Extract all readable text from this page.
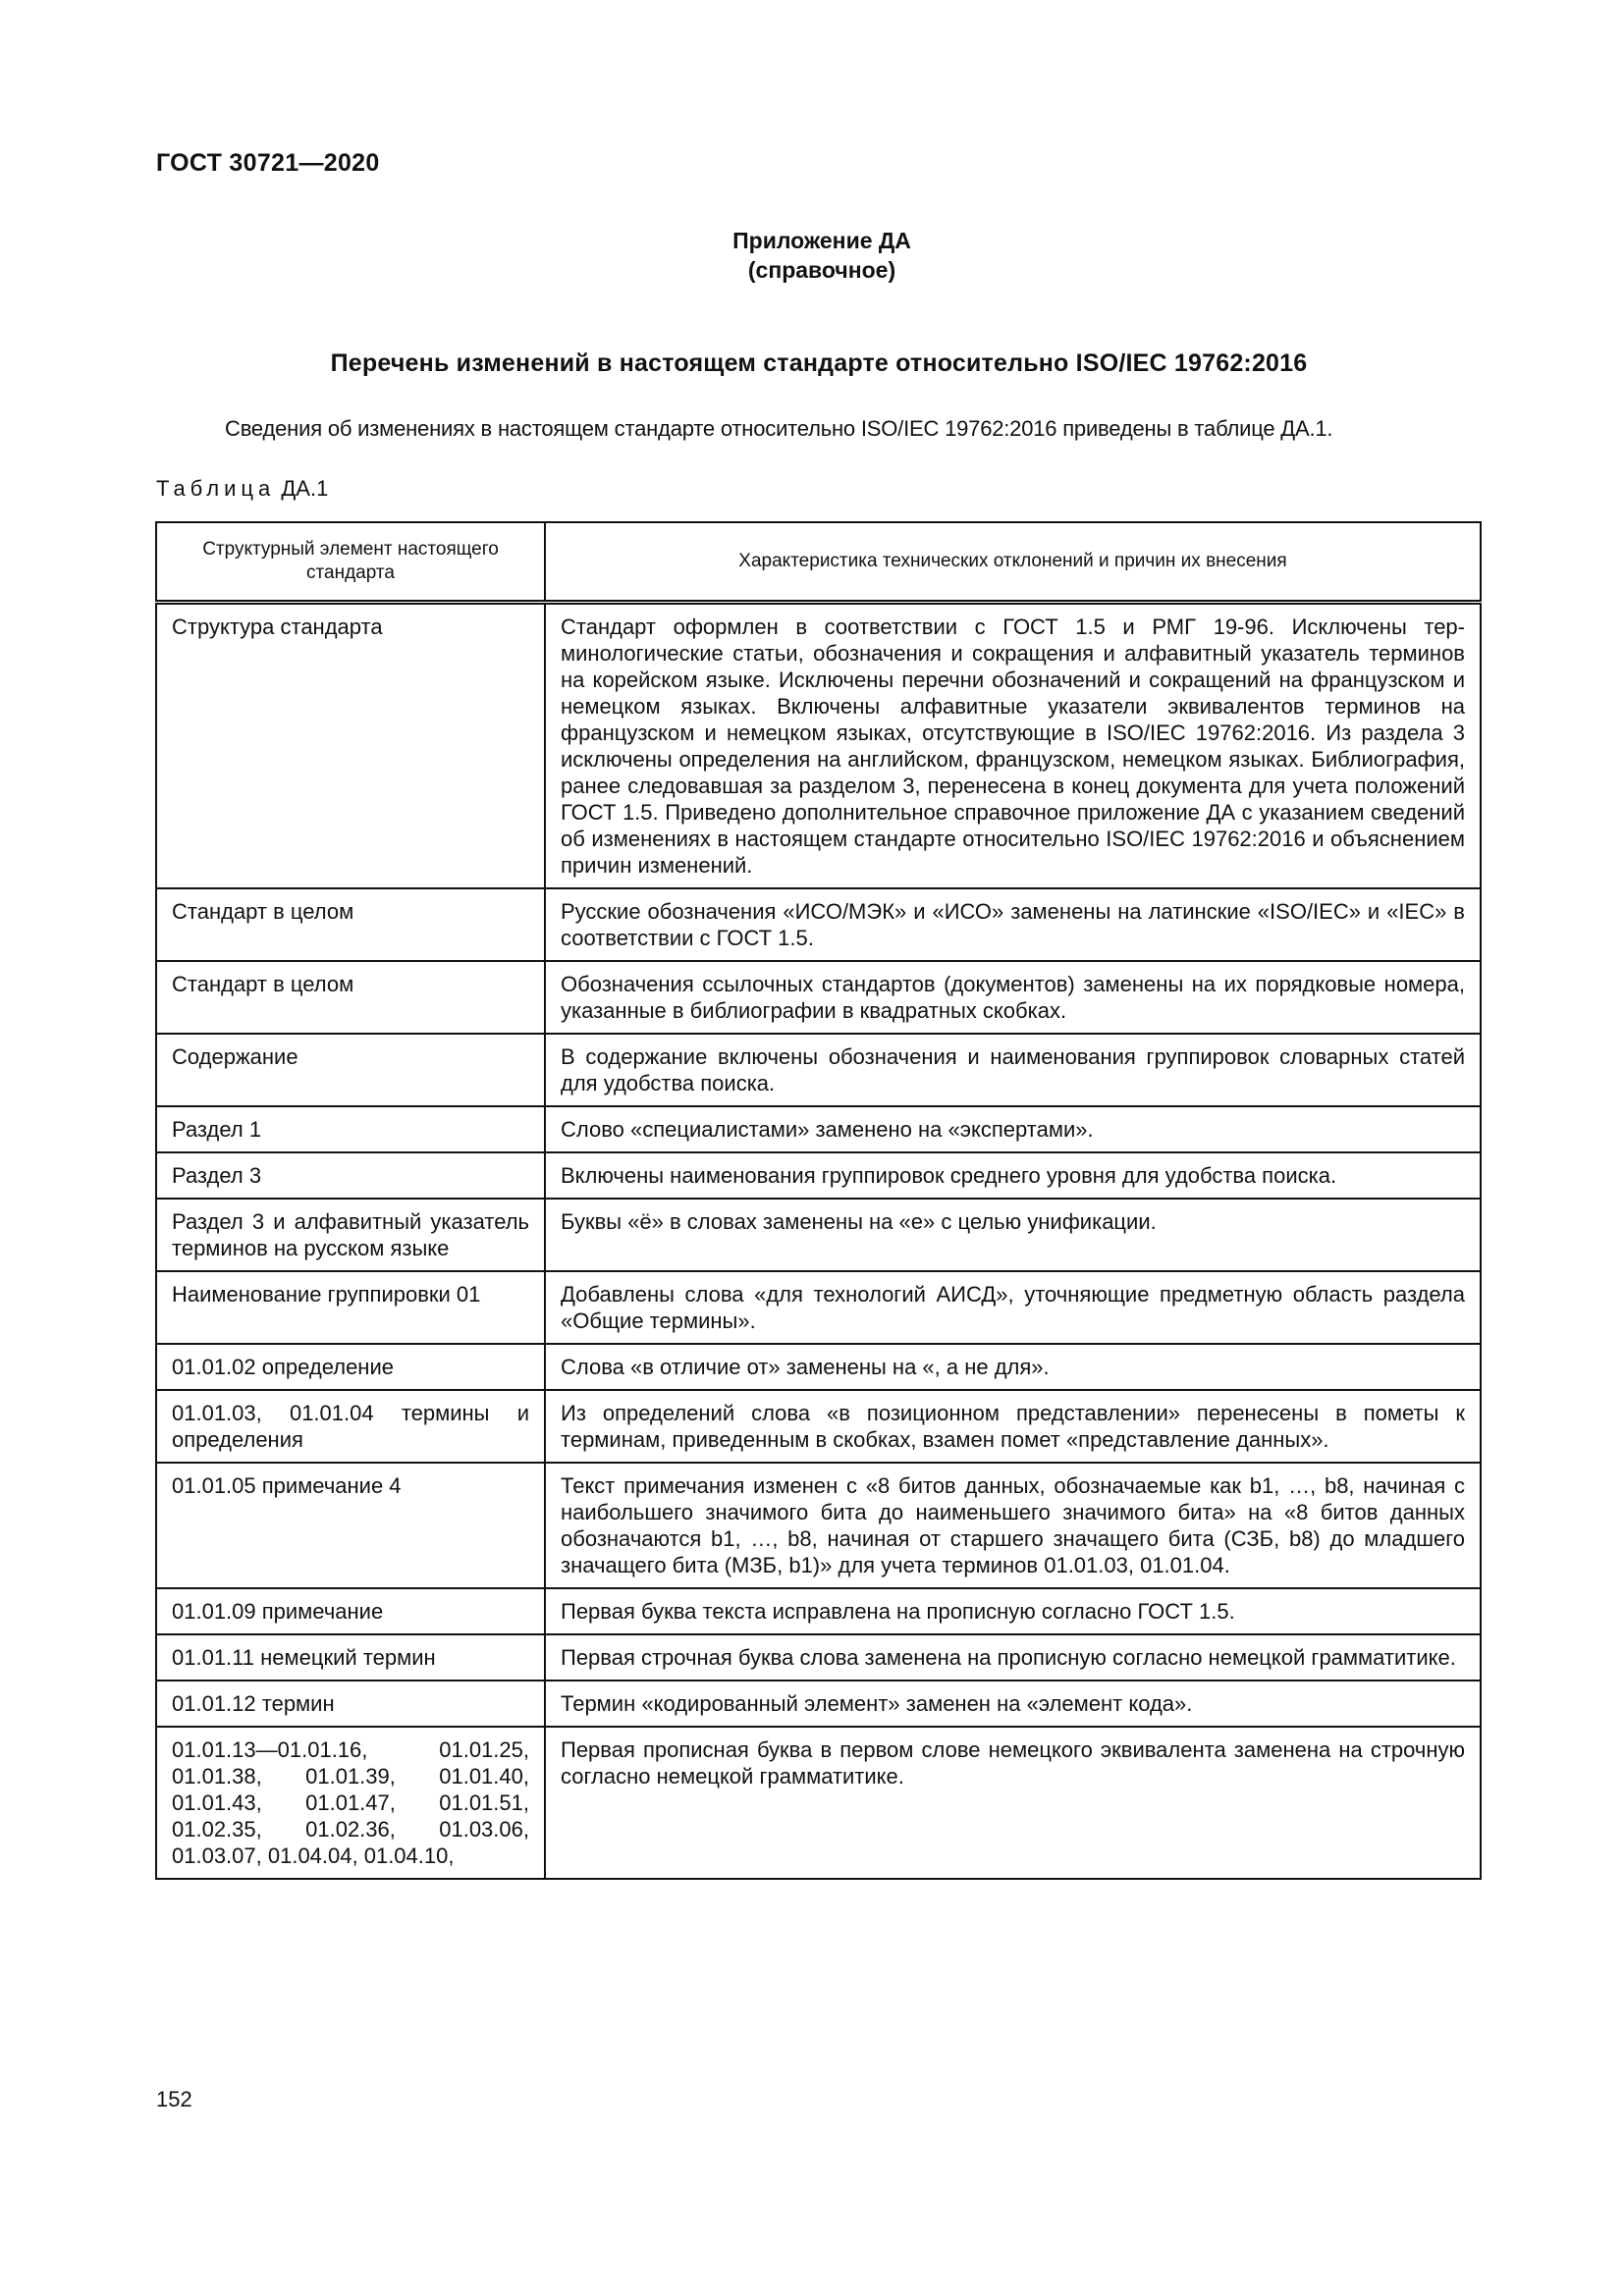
ГОСТ 30721—2020
Приложение ДА
(справочное)
Перечень изменений в настоящем стандарте относительно ISO/IEC 19762:2016
Сведения об изменениях в настоящем стандарте относительно ISO/IEC 19762:2016 приведены в таблице ДА.1.
Таблица ДА.1
Структурный элемент настоящего стандарта	Характеристика технических отклонений и причин их внесения
Структура стандарта	Стандарт оформлен в соответствии с ГОСТ 1.5 и РМГ 19-96. Исключены терминологические статьи, обозначения и сокращения и алфавитный указатель терминов на корейском языке. Исключены перечни обозначений и сокращений на французском и немецком языках. Включены алфавитные указатели эквивалентов терминов на французском и немецком языках, отсутствующие в ISO/IEC 19762:2016. Из раздела 3 исключены определения на английском, французском, немецком языках. Библиография, ранее следовавшая за разделом 3, перенесена в конец документа для учета положений ГОСТ 1.5. Приведено дополнительное справочное приложение ДА с указанием сведений об изменениях в настоящем стандарте относительно ISO/IEC 19762:2016 и объяснением причин изменений.
Стандарт в целом	Русские обозначения «ИСО/МЭК» и «ИСО» заменены на латинские «ISO/IEC» и «IEC» в соответствии с ГОСТ 1.5.
Стандарт в целом	Обозначения ссылочных стандартов (документов) заменены на их порядковые номера, указанные в библиографии в квадратных скобках.
Содержание	В содержание включены обозначения и наименования группировок словарных статей для удобства поиска.
Раздел 1	Слово «специалистами» заменено на «экспертами».
Раздел 3	Включены наименования группировок среднего уровня для удобства поиска.
Раздел 3 и алфавитный указатель терминов на русском языке	Буквы «ё» в словах заменены на «е» с целью унификации.
Наименование группировки 01	Добавлены слова «для технологий АИСД», уточняющие предметную область раздела «Общие термины».
01.01.02 определение	Слова «в отличие от» заменены на «, а не для».
01.01.03, 01.01.04 термины и определения	Из определений слова «в позиционном представлении» перенесены в пометы к терминам, приведенным в скобках, взамен помет «представление данных».
01.01.05 примечание 4	Текст примечания изменен с «8 битов данных, обозначаемые как b1, …, b8, начиная с наибольшего значимого бита до наименьшего значимого бита» на «8 битов данных обозначаются b1, …, b8, начиная от старшего значащего бита (СЗБ, b8) до младшего значащего бита (МЗБ, b1)» для учета терминов 01.01.03, 01.01.04.
01.01.09 примечание	Первая буква текста исправлена на прописную согласно ГОСТ 1.5.
01.01.11 немецкий термин	Первая строчная буква слова заменена на прописную согласно немецкой грамматитике.
01.01.12 термин	Термин «кодированный элемент» заменен на «элемент кода».
01.01.13—01.01.16, 01.01.25, 01.01.38, 01.01.39, 01.01.40, 01.01.43, 01.01.47, 01.01.51, 01.02.35, 01.02.36, 01.03.06, 01.03.07, 01.04.04, 01.04.10,	Первая прописная буква в первом слове немецкого эквивалента заменена на строчную согласно немецкой грамматитике.
152
